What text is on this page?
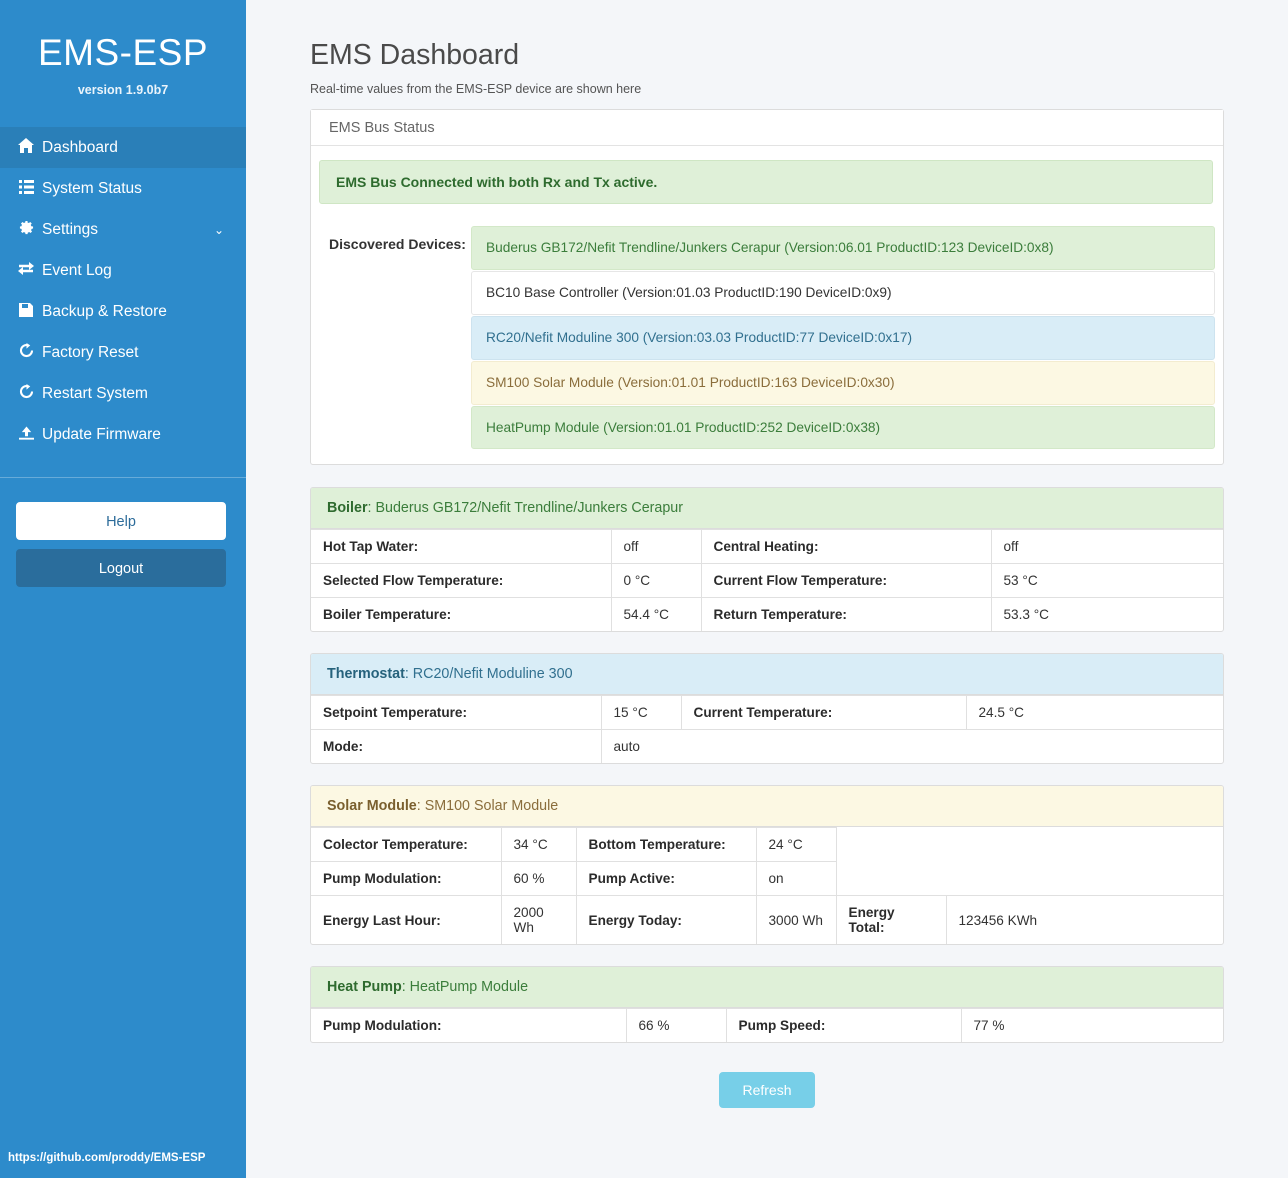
EMS-ESP
version 1.9.0b7
Dashboard
System Status
Settings	⌄
Event Log
Backup & Restore
Factory Reset
Restart System
Update Firmware
Help
Logout
https://github.com/proddy/EMS-ESP
EMS Dashboard
Real-time values from the EMS-ESP device are shown here
EMS Bus Status
EMS Bus Connected with both Rx and Tx active.
Discovered Devices:	Buderus GB172/Nefit Trendline/Junkers Cerapur (Version:06.01 ProductID:123 DeviceID:0x8)
BC10 Base Controller (Version:01.03 ProductID:190 DeviceID:0x9)
RC20/Nefit Moduline 300 (Version:03.03 ProductID:77 DeviceID:0x17)
SM100 Solar Module (Version:01.01 ProductID:163 DeviceID:0x30)
HeatPump Module (Version:01.01 ProductID:252 DeviceID:0x38)
Boiler: Buderus GB172/Nefit Trendline/Junkers Cerapur
Hot Tap Water:	off	Central Heating:	off
Selected Flow Temperature:	0 °C	Current Flow Temperature:	53 °C
Boiler Temperature:	54.4 °C	Return Temperature:	53.3 °C
Thermostat: RC20/Nefit Moduline 300
Setpoint Temperature:	15 °C	Current Temperature:	24.5 °C
Mode:	auto		
Solar Module: SM100 Solar Module
Colector Temperature:	34 °C	Bottom Temperature:	24 °C		
Pump Modulation:	60 %	Pump Active:	on		
Energy Last Hour:	2000 Wh	Energy Today:	3000 Wh	Energy Total:	123456 KWh
Heat Pump: HeatPump Module
Pump Modulation:	66 %	Pump Speed:	77 %
Refresh
